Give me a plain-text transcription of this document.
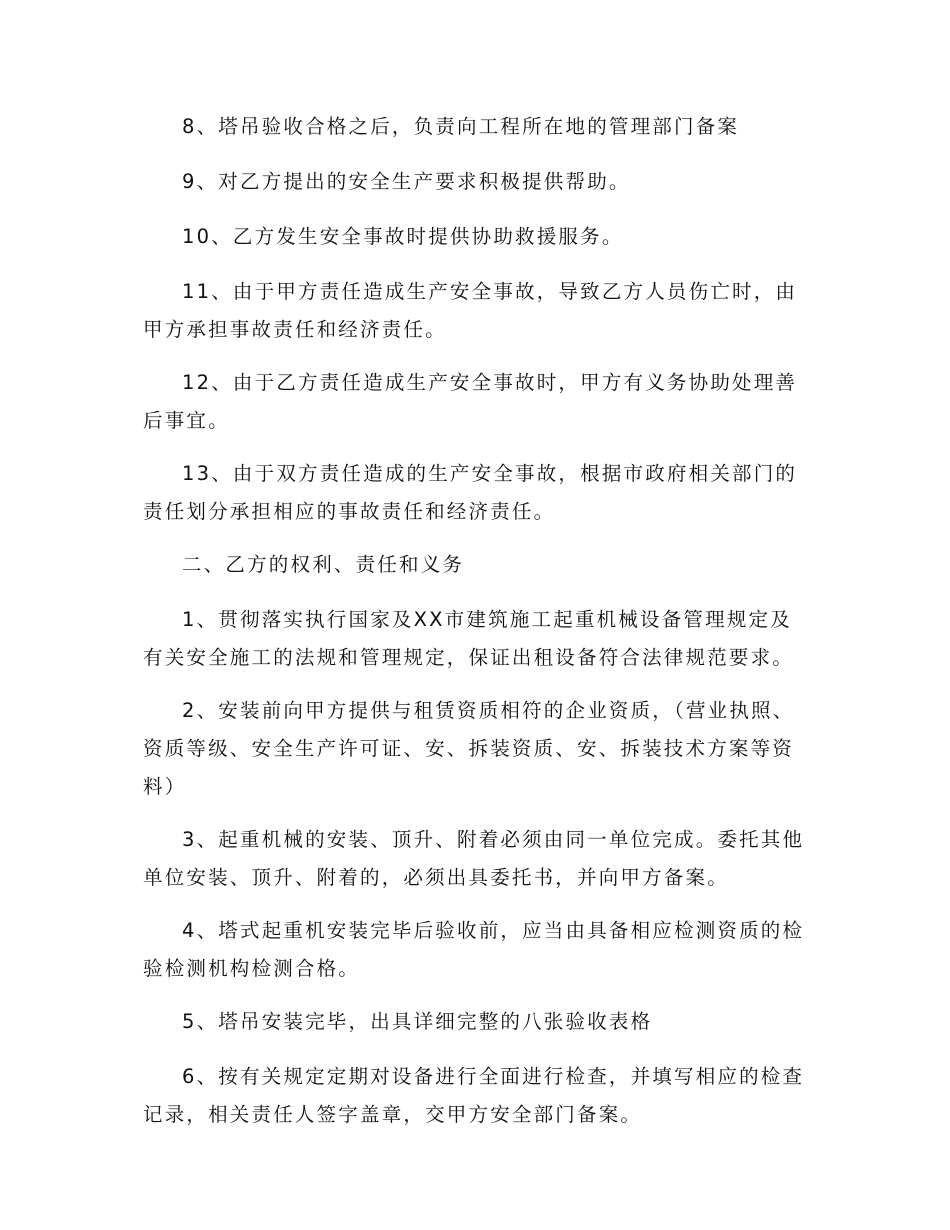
8、塔吊验收合格之后，负责向工程所在地的管理部门备案

9、对乙方提出的安全生产要求积极提供帮助。

10、乙方发生安全事故时提供协助救援服务。

11、由于甲方责任造成生产安全事故，导致乙方人员伤亡时，由
甲方承担事故责任和经济责任。

12、由于乙方责任造成生产安全事故时，甲方有义务协助处理善
后事宜。

13、由于双方责任造成的生产安全事故，根据市政府相关部门的
责任划分承担相应的事故责任和经济责任。

二、乙方的权利、责任和义务

1、贯彻落实执行国家及XX市建筑施工起重机械设备管理规定及
有关安全施工的法规和管理规定，保证出租设备符合法律规范要求。

2、安装前向甲方提供与租赁资质相符的企业资质，（营业执照、
资质等级、安全生产许可证、安、拆装资质、安、拆装技术方案等资
料）

3、起重机械的安装、顶升、附着必须由同一单位完成。委托其他
单位安装、顶升、附着的，必须出具委托书，并向甲方备案。

4、塔式起重机安装完毕后验收前，应当由具备相应检测资质的检
验检测机构检测合格。

5、塔吊安装完毕，出具详细完整的八张验收表格

6、按有关规定定期对设备进行全面进行检查，并填写相应的检查
记录，相关责任人签字盖章，交甲方安全部门备案。
